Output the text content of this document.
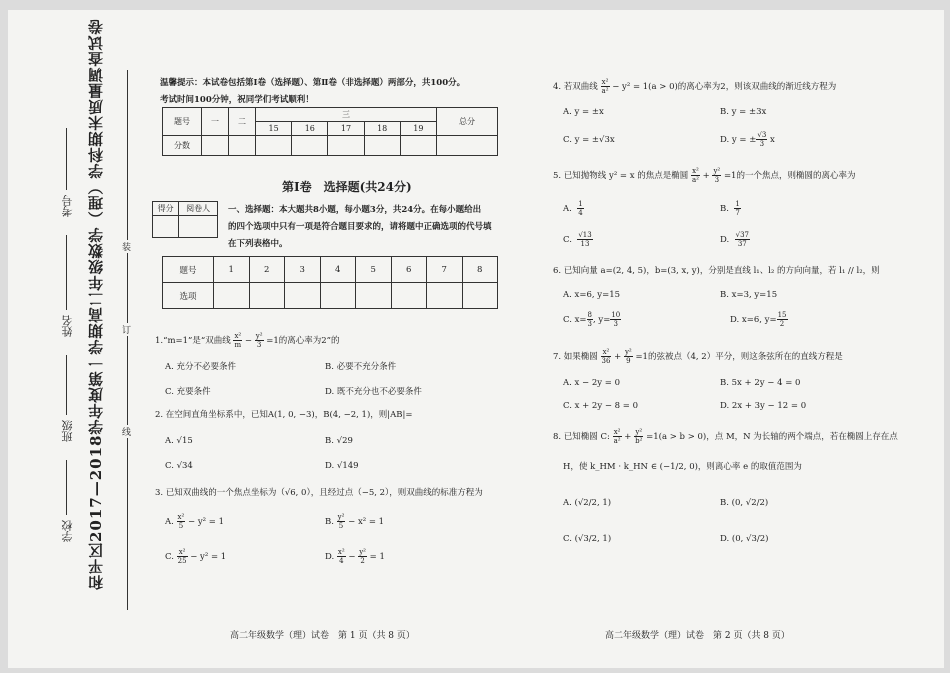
和平区2017—2018学年度第一学期高二年级数学（理）学科期末质量调查试卷
学校
班级
姓名
考号
装
订
线
温馨提示：本试卷包括第Ⅰ卷（选择题）、第Ⅱ卷（非选择题）两部分，共100分。
考试时间100分钟，祝同学们考试顺利！
题号	一	二	三					总分
			15	16	17	18	19	
分数								
第Ⅰ卷　选择题(共24分)
得分	阅卷人
	一、选择题：本大题共8小题，每小题3分，共24分。在每小题给出
的四个选项中只有一项是符合题目要求的，请将题中正确选项的代号填
在下列表格中。
题号	1	2	3	4	5	6	7	8
选项								
1.“m=1”是“双曲线 $\frac{\text{x²}}{m} - \frac{\text{y²}}{3} =1$的离心率为2”的
A. 充分不必要条件	B. 必要不充分条件
C. 充要条件	D. 既不充分也不必要条件
2. 在空间直角坐标系中，已知A(1, 0, −3)，B(4, −2, 1)，则|AB|=
A. √15	B. √29
C. √34	D. √149
3. 已知双曲线的一个焦点坐标为（√6, 0），且经过点（−5, 2），则双曲线的标准方程为
A. $\frac{\text{x²}}{5} - y^2 = 1$	B. $\frac{\text{y²}}{5} - x^2 = 1$
C. $\frac{\text{x²}}{25} - y^2 = 1$	D. $\frac{\text{x²}}{4} - \frac{\text{y²}}{2} = 1$
高二年级数学（理）试卷　第 1 页（共 8 页）
4. 若双曲线 $\frac{\text{x²}}{\text{a²}} - y^2 = 1(a > 0)$的离心率为2，则该双曲线的渐近线方程为
A. y = ±x	B. y = ±3x
C. y = ±√3x	D. y = ± $\frac{√3}{3}$ x
5. 已知抛物线 y² = x 的焦点是椭圆 $\frac{\text{x²}}{\text{a²}} + \frac{\text{y²}}{3} =1$的一个焦点，则椭圆的离心率为
A. $\frac{1}{4}$	B. $\frac{1}{7}$
C. $\frac{√13}{13}$	D. $\frac{√37}{37}$
6. 已知向量 a=(2, 4, 5)，b=(3, x, y)，分别是直线 l₁、l₂ 的方向向量，若 l₁ // l₂，则
A. x=6, y=15	B. x=3, y=15
C. $x= \frac{8}{3}$ , $y= \frac{10}{3}$	D. x=6, $y= \frac{15}{2}$
7. 如果椭圆 $\frac{\text{x²}}{36} + \frac{\text{y²}}{9} =1$的弦被点（4, 2）平分，则这条弦所在的直线方程是
A. x − 2y = 0	B. 5x + 2y − 4 = 0
C. x + 2y − 8 = 0	D. 2x + 3y − 12 = 0
8. 已知椭圆 C: $\frac{\text{x²}}{\text{a²}} + \frac{\text{y²}}{\text{b²}} =1(a > b > 0)$，点 M，N 为长轴的两个端点，若在椭圆上存在点
H，使 k_HM · k_HN ∈ (−1/2, 0)，则离心率 e 的取值范围为
A. (√2/2, 1)	B. (0, √2/2)
C. (√3/2, 1)	D. (0, √3/2)
高二年级数学（理）试卷　第 2 页（共 8 页）
